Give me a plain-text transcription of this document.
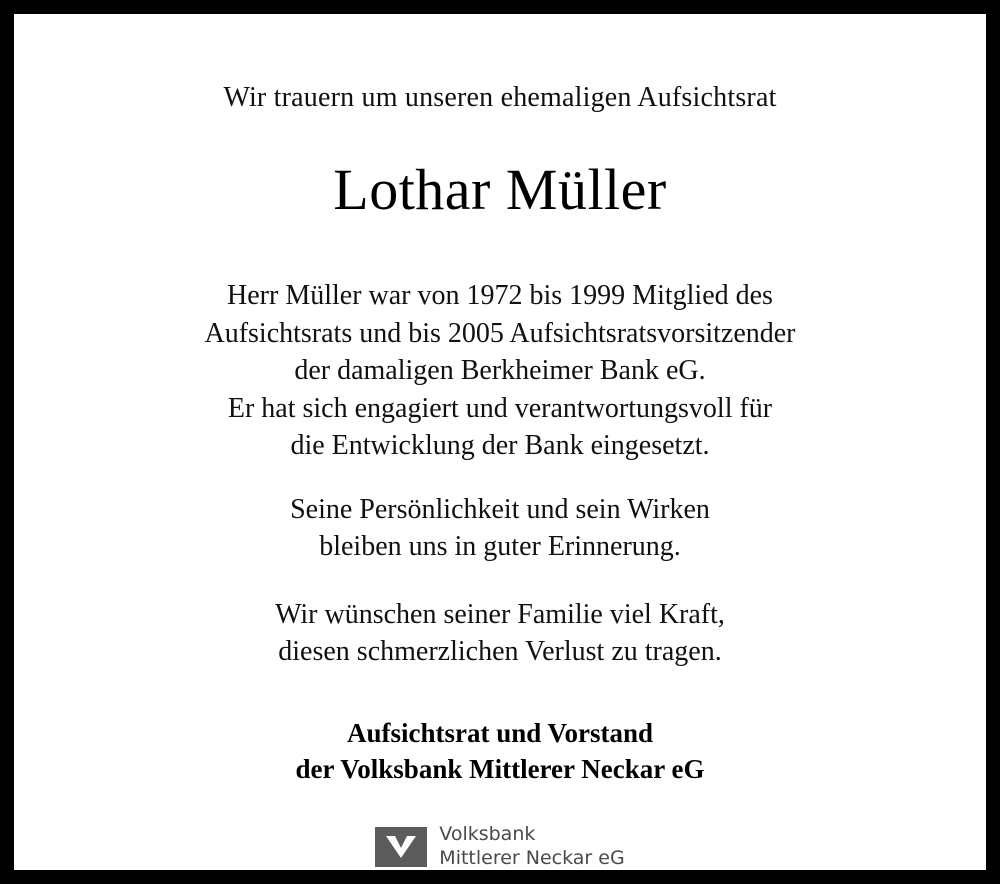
Wir trauern um unseren ehemaligen Aufsichtsrat
Lothar Müller
Herr Müller war von 1972 bis 1999 Mitglied des
Aufsichtsrats und bis 2005 Aufsichtsratsvorsitzender
der damaligen Berkheimer Bank eG.
Er hat sich engagiert und verantwortungsvoll für
die Entwicklung der Bank eingesetzt.
Seine Persönlichkeit und sein Wirken
bleiben uns in guter Erinnerung.
Wir wünschen seiner Familie viel Kraft,
diesen schmerzlichen Verlust zu tragen.
Aufsichtsrat und Vorstand
der Volksbank Mittlerer Neckar eG
Volksbank
Mittlerer Neckar eG
